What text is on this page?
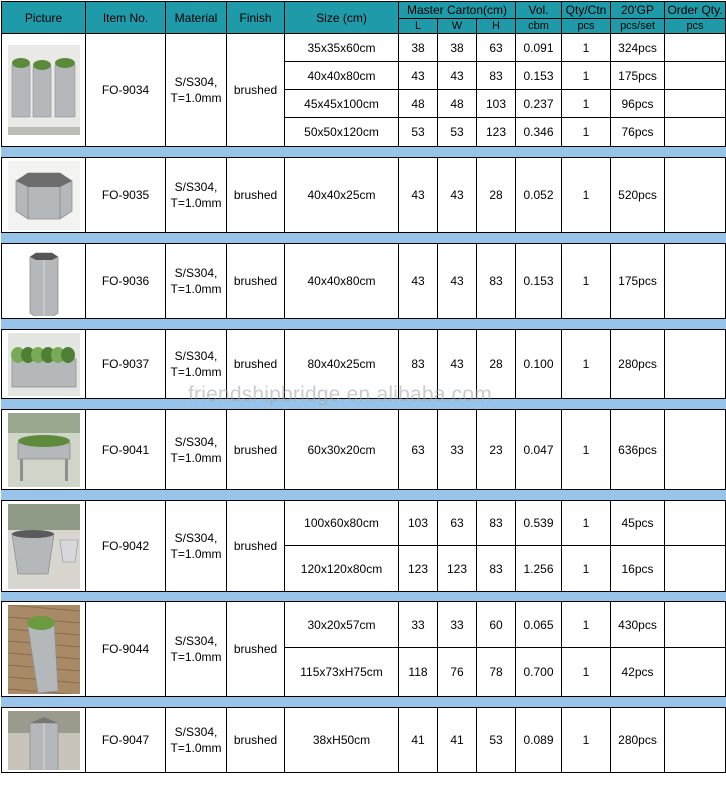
Picture	Item No.	Material	Finish	Size (cm)	Master Carton(cm)			Vol.	Qty/Ctn	20'GP	Order Qty.
					L	W	H	cbm	pcs	pcs/set	pcs

	FO-9034	S/S304,
T=1.0mm	brushed	35x35x60cm	38	38	63	0.091	1	324pcs	
				40x40x80cm	43	43	83	0.153	1	175pcs	
				45x45x100cm	48	48	103	0.237	1	96pcs	
				50x50x120cm	53	53	123	0.346	1	76pcs	

	FO-9035	S/S304,
T=1.0mm	brushed	40x40x25cm	43	43	28	0.052	1	520pcs	

	FO-9036	S/S304,
T=1.0mm	brushed	40x40x80cm	43	43	83	0.153	1	175pcs	

	FO-9037	S/S304,
T=1.0mm	brushed	80x40x25cm	83	43	28	0.100	1	280pcs	

	FO-9041	S/S304,
T=1.0mm	brushed	60x30x20cm	63	33	23	0.047	1	636pcs	

	FO-9042	S/S304,
T=1.0mm	brushed	100x60x80cm	103	63	83	0.539	1	45pcs	
				120x120x80cm	123	123	83	1.256	1	16pcs	

	FO-9044	S/S304,
T=1.0mm	brushed	30x20x57cm	33	33	60	0.065	1	430pcs	
				115x73xH75cm	118	76	78	0.700	1	42pcs	

	FO-9047	S/S304,
T=1.0mm	brushed	38xH50cm	41	41	53	0.089	1	280pcs	
friendshipbridge.en.alibaba.com
